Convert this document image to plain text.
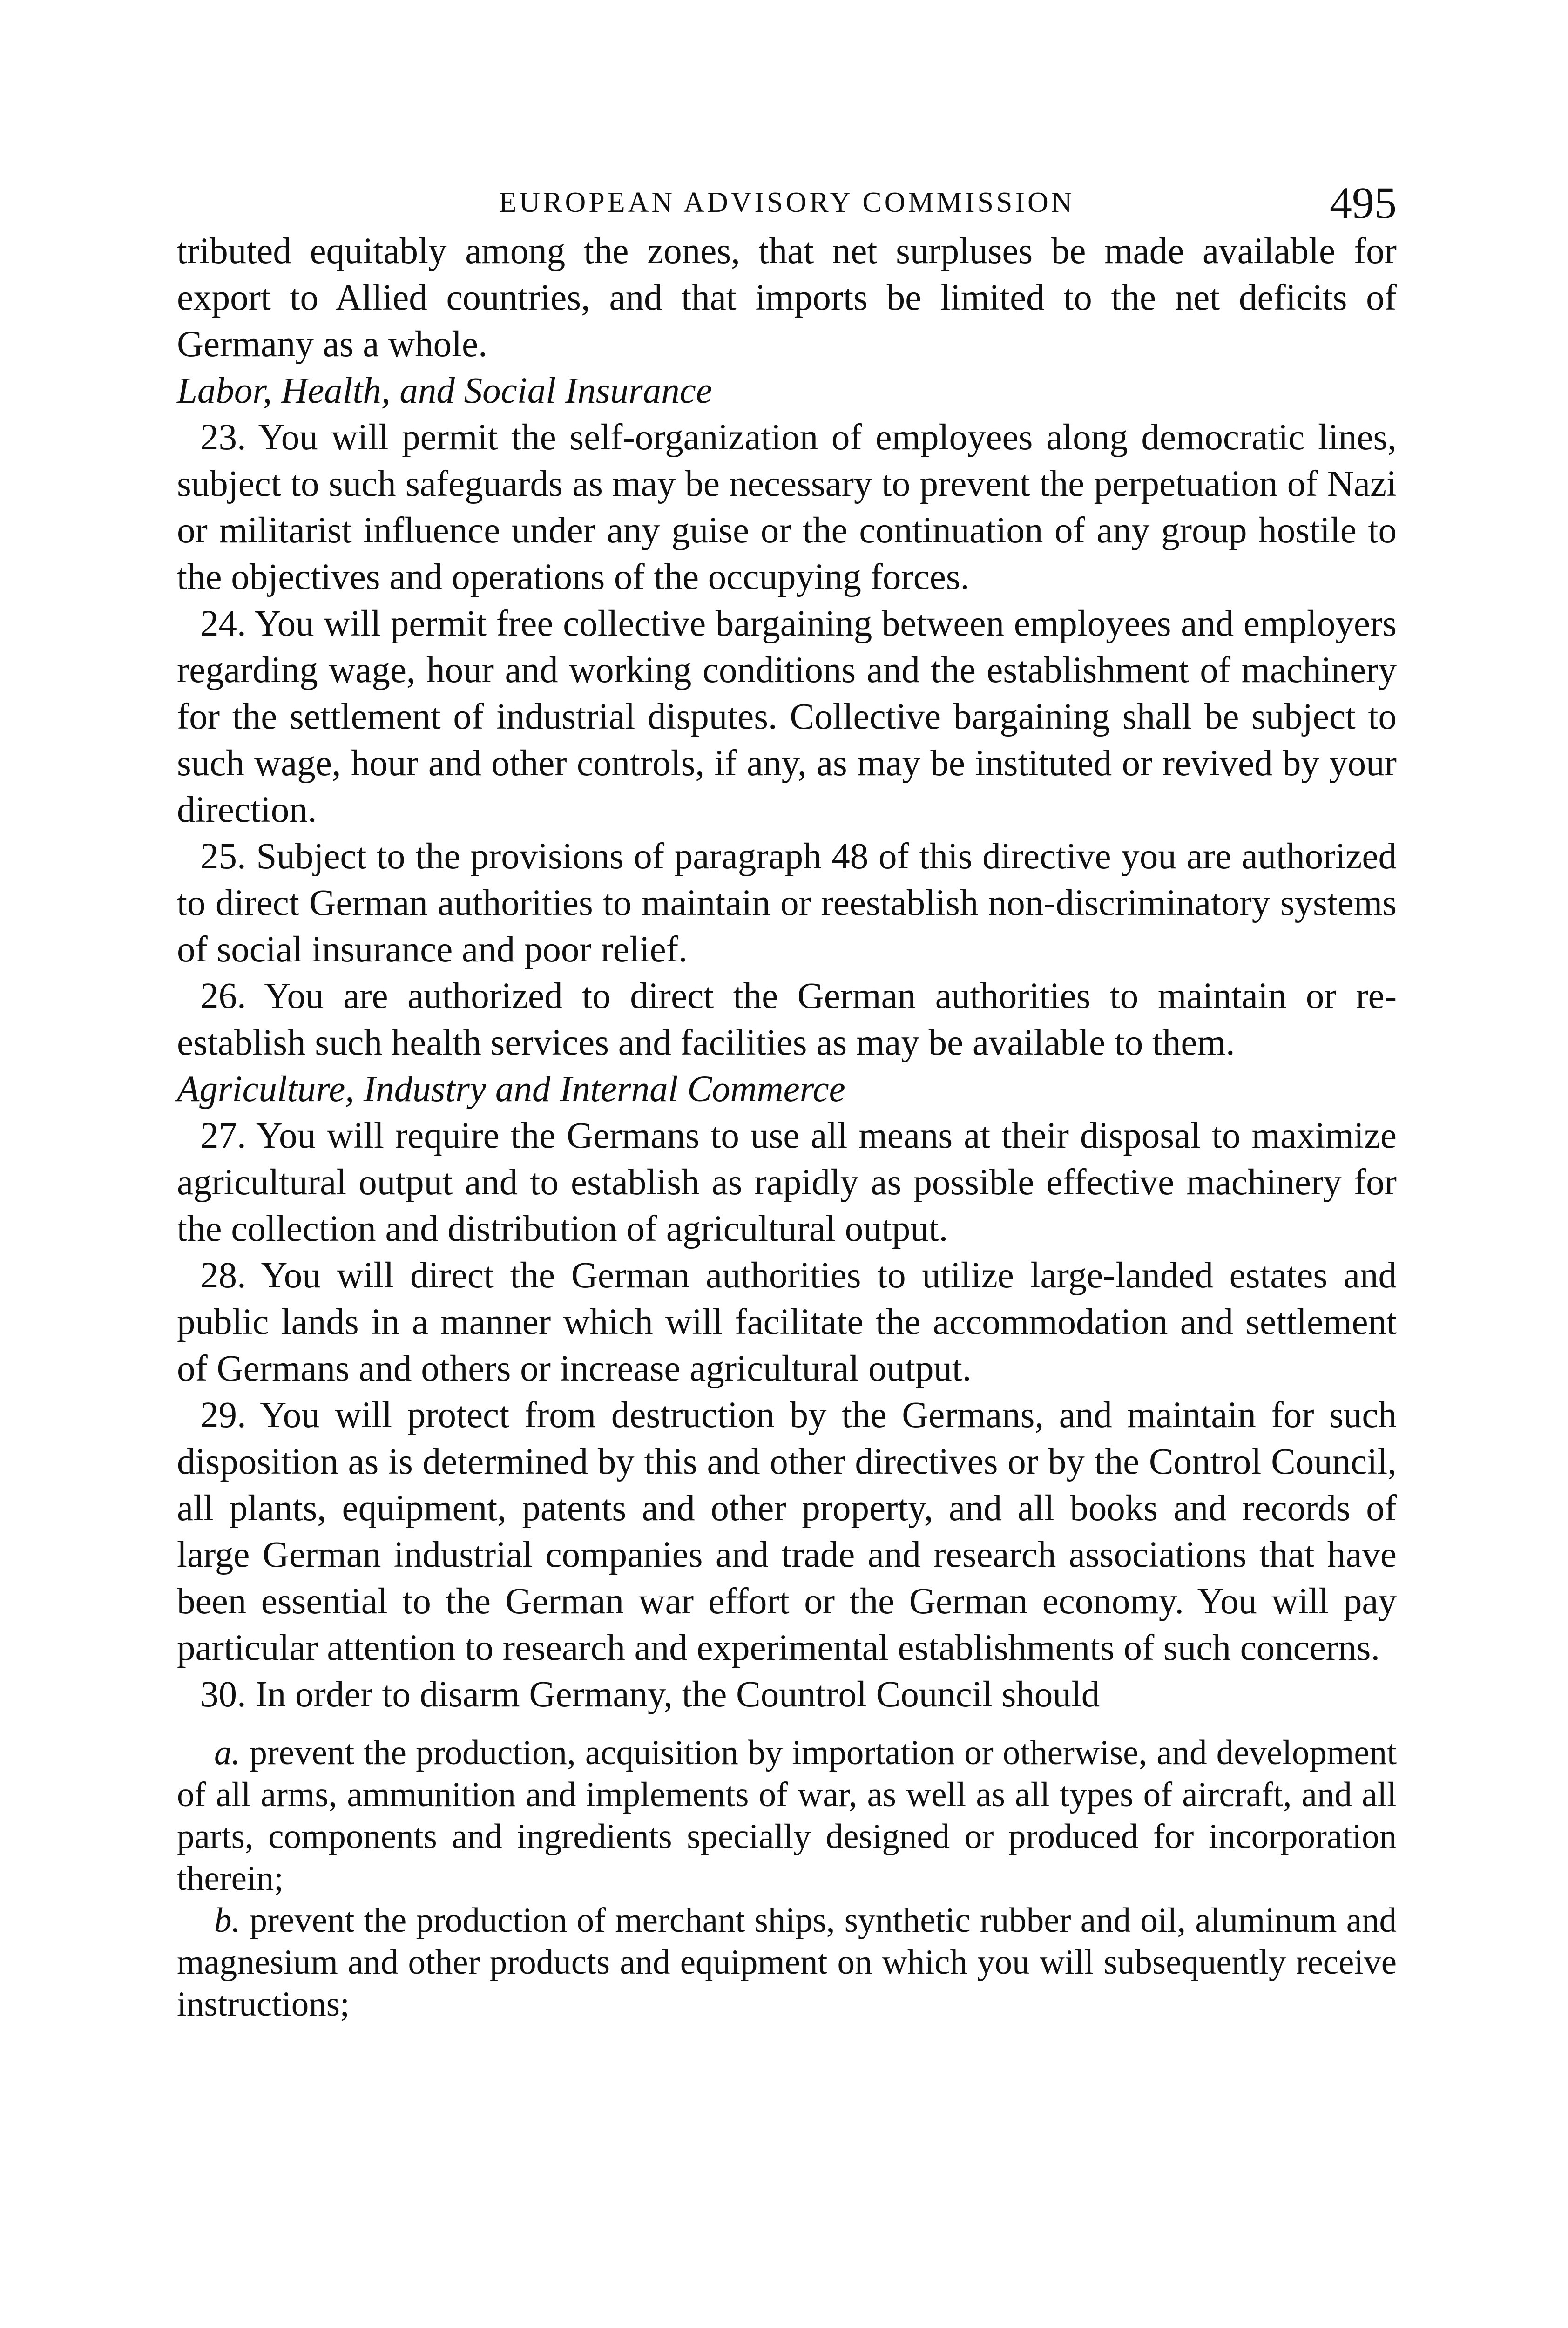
EUROPEAN ADVISORY COMMISSION	495

tributed equitably among the zones, that net surpluses be made available for export to Allied countries, and that imports be limited to the net deficits of Germany as a whole.

Labor, Health, and Social Insurance

23. You will permit the self-organization of employees along democratic lines, subject to such safeguards as may be necessary to prevent the perpetuation of Nazi or militarist influence under any guise or the continuation of any group hostile to the objectives and operations of the occupying forces.

24. You will permit free collective bargaining between employees and employers regarding wage, hour and working conditions and the establishment of machinery for the settlement of industrial disputes. Collective bargaining shall be subject to such wage, hour and other controls, if any, as may be instituted or revived by your direction.

25. Subject to the provisions of paragraph 48 of this directive you are authorized to direct German authorities to maintain or reestablish non-discriminatory systems of social insurance and poor relief.

26. You are authorized to direct the German authorities to maintain or re-establish such health services and facilities as may be available to them.

Agriculture, Industry and Internal Commerce

27. You will require the Germans to use all means at their disposal to maximize agricultural output and to establish as rapidly as possible effective machinery for the collection and distribution of agricultural output.

28. You will direct the German authorities to utilize large-landed estates and public lands in a manner which will facilitate the accommodation and settlement of Germans and others or increase agricultural output.

29. You will protect from destruction by the Germans, and maintain for such disposition as is determined by this and other directives or by the Control Council, all plants, equipment, patents and other property, and all books and records of large German industrial companies and trade and research associations that have been essential to the German war effort or the German economy. You will pay particular attention to research and experimental establishments of such concerns.

30. In order to disarm Germany, the Countrol Council should

a. prevent the production, acquisition by importation or otherwise, and development of all arms, ammunition and implements of war, as well as all types of aircraft, and all parts, components and ingredients specially designed or produced for incorporation therein;

b. prevent the production of merchant ships, synthetic rubber and oil, aluminum and magnesium and other products and equipment on which you will subsequently receive instructions;
